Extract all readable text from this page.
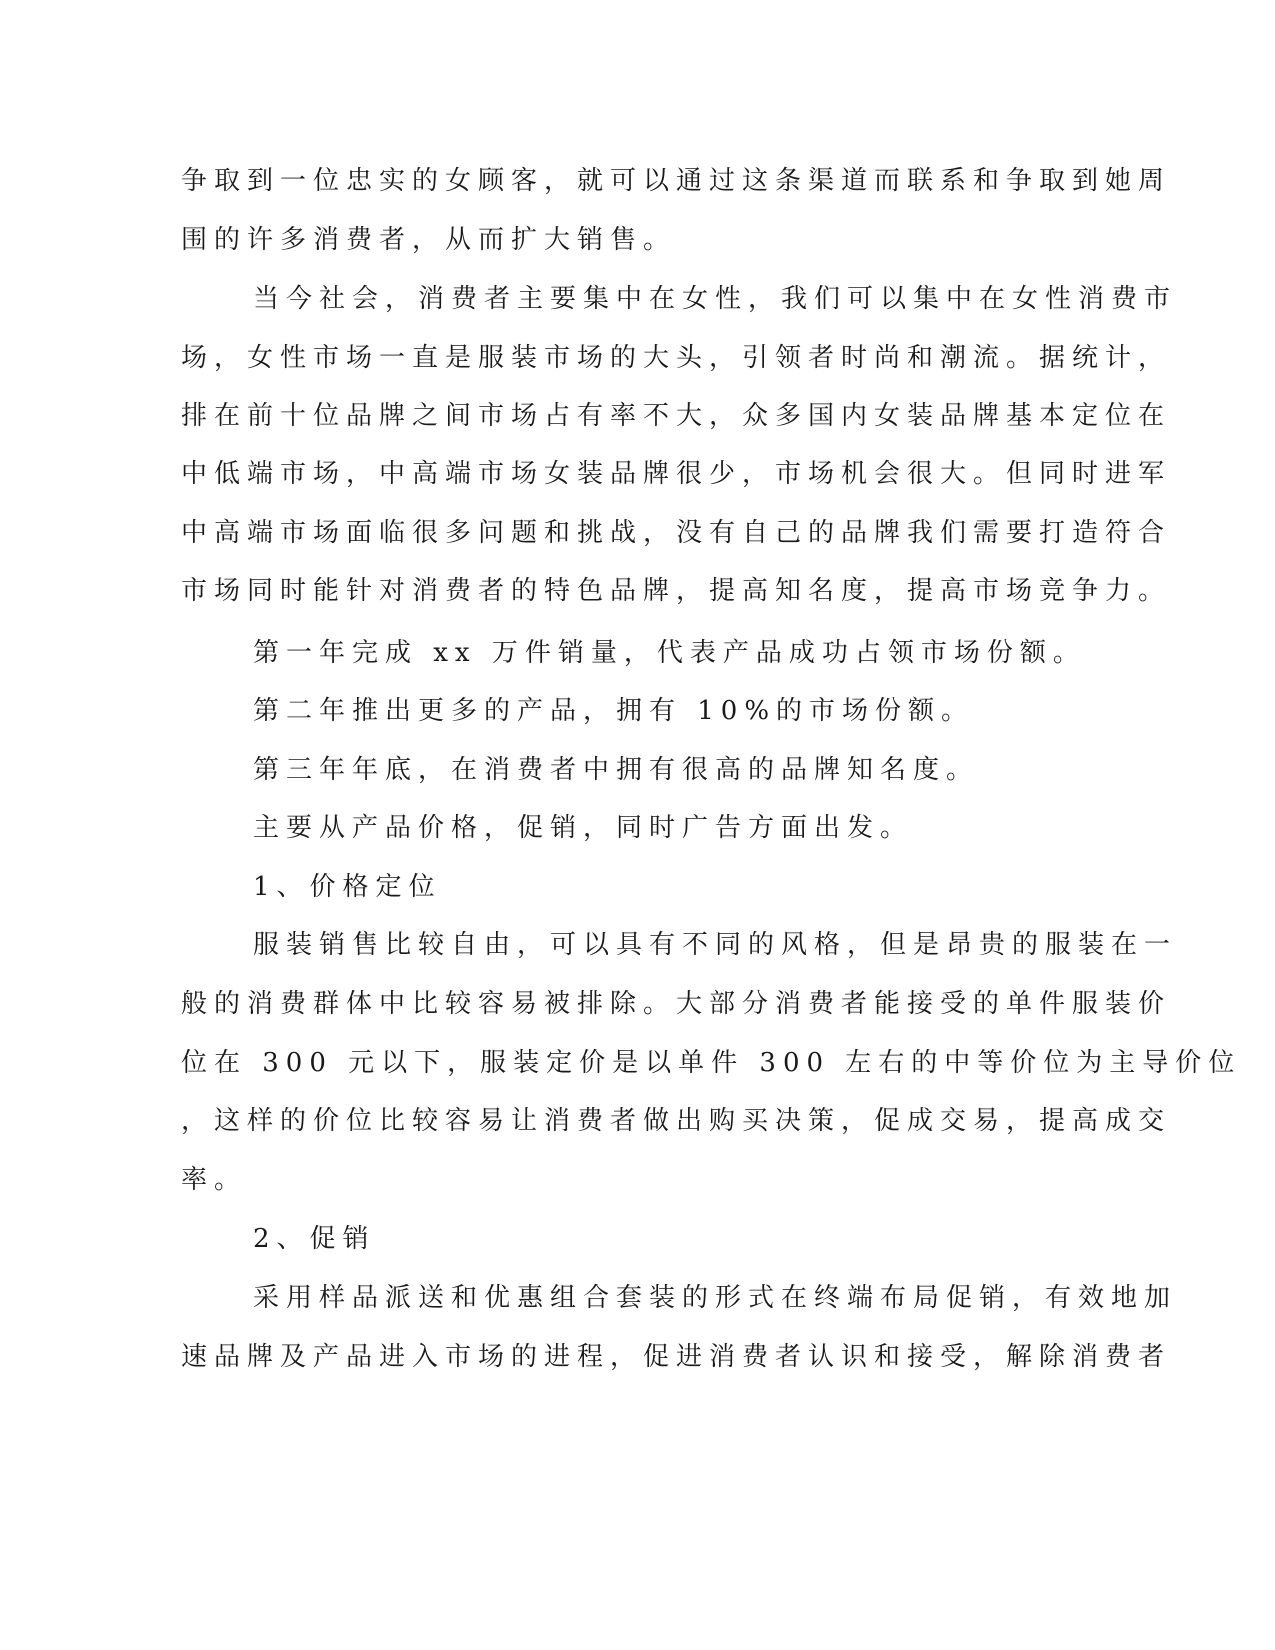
争取到一位忠实的女顾客，就可以通过这条渠道而联系和争取到她周
围的许多消费者，从而扩大销售。
当今社会，消费者主要集中在女性，我们可以集中在女性消费市
场，女性市场一直是服装市场的大头，引领者时尚和潮流。据统计，
排在前十位品牌之间市场占有率不大，众多国内女装品牌基本定位在
中低端市场，中高端市场女装品牌很少，市场机会很大。但同时进军
中高端市场面临很多问题和挑战，没有自己的品牌我们需要打造符合
市场同时能针对消费者的特色品牌，提高知名度，提高市场竞争力。
第一年完成 xx 万件销量，代表产品成功占领市场份额。
第二年推出更多的产品，拥有 10%的市场份额。
第三年年底，在消费者中拥有很高的品牌知名度。
主要从产品价格，促销，同时广告方面出发。
1、价格定位
服装销售比较自由，可以具有不同的风格，但是昂贵的服装在一
般的消费群体中比较容易被排除。大部分消费者能接受的单件服装价
位在 300 元以下，服装定价是以单件 300 左右的中等价位为主导价位
，这样的价位比较容易让消费者做出购买决策，促成交易，提高成交
率。
2、促销
采用样品派送和优惠组合套装的形式在终端布局促销，有效地加
速品牌及产品进入市场的进程，促进消费者认识和接受，解除消费者
